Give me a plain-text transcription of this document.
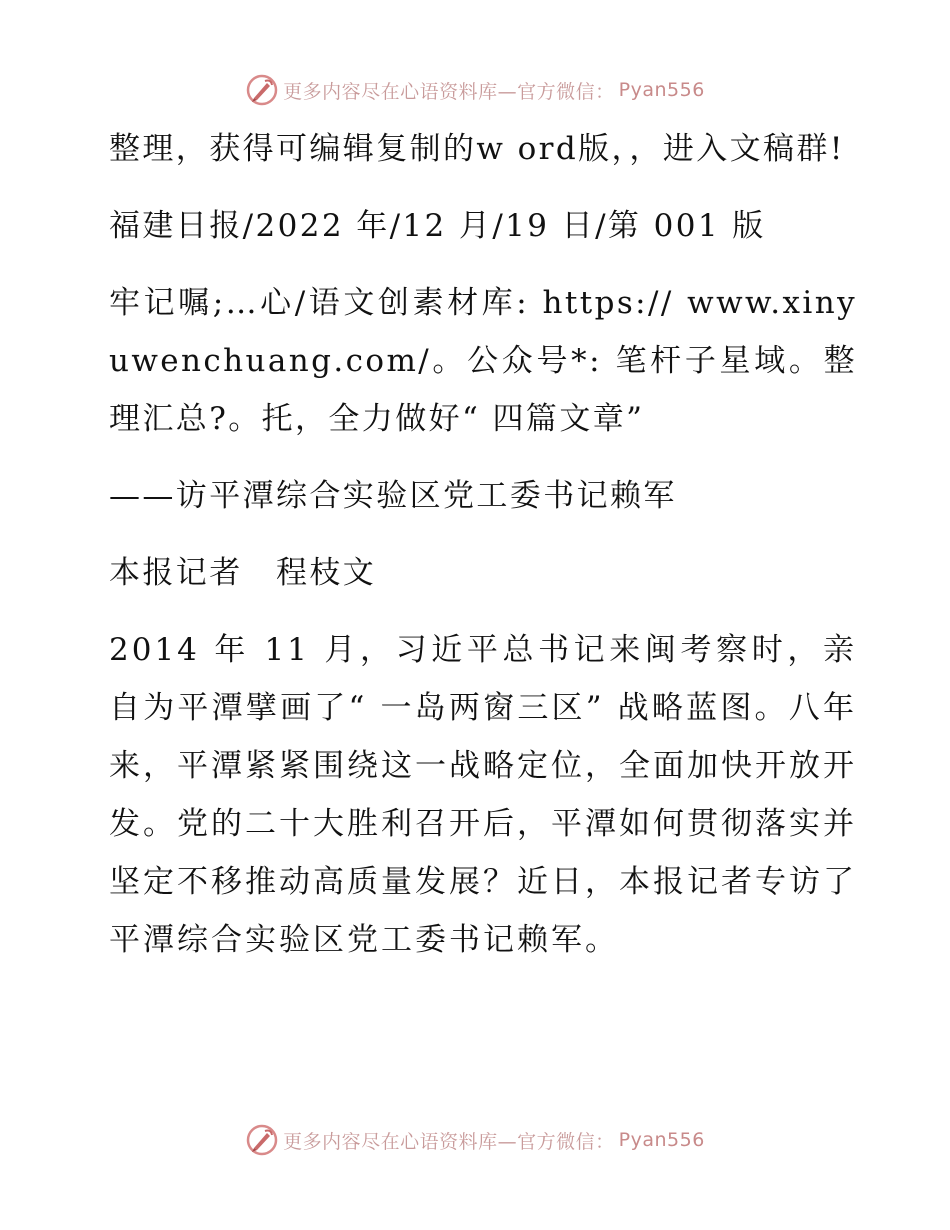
更多内容尽在心语资料库—官方微信： Pyan556

整理，获得可编辑复制的w ord版，，进入文稿群!

福建日报/2022 年/12 月/19 日/第 001 版

牢记嘱;…心/语文创素材库: https:// www.xinyuwenchuang.com/。公众号*: 笔杆子星域。整理汇总?。托，全力做好“ 四篇文章”

——访平潭综合实验区党工委书记赖军

本报记者　程枝文

2014 年 11 月，习近平总书记来闽考察时，亲自为平潭擘画了“ 一岛两窗三区” 战略蓝图。八年来，平潭紧紧围绕这一战略定位，全面加快开放开发。党的二十大胜利召开后，平潭如何贯彻落实并坚定不移推动高质量发展？近日，本报记者专访了平潭综合实验区党工委书记赖军。

更多内容尽在心语资料库—官方微信： Pyan556
